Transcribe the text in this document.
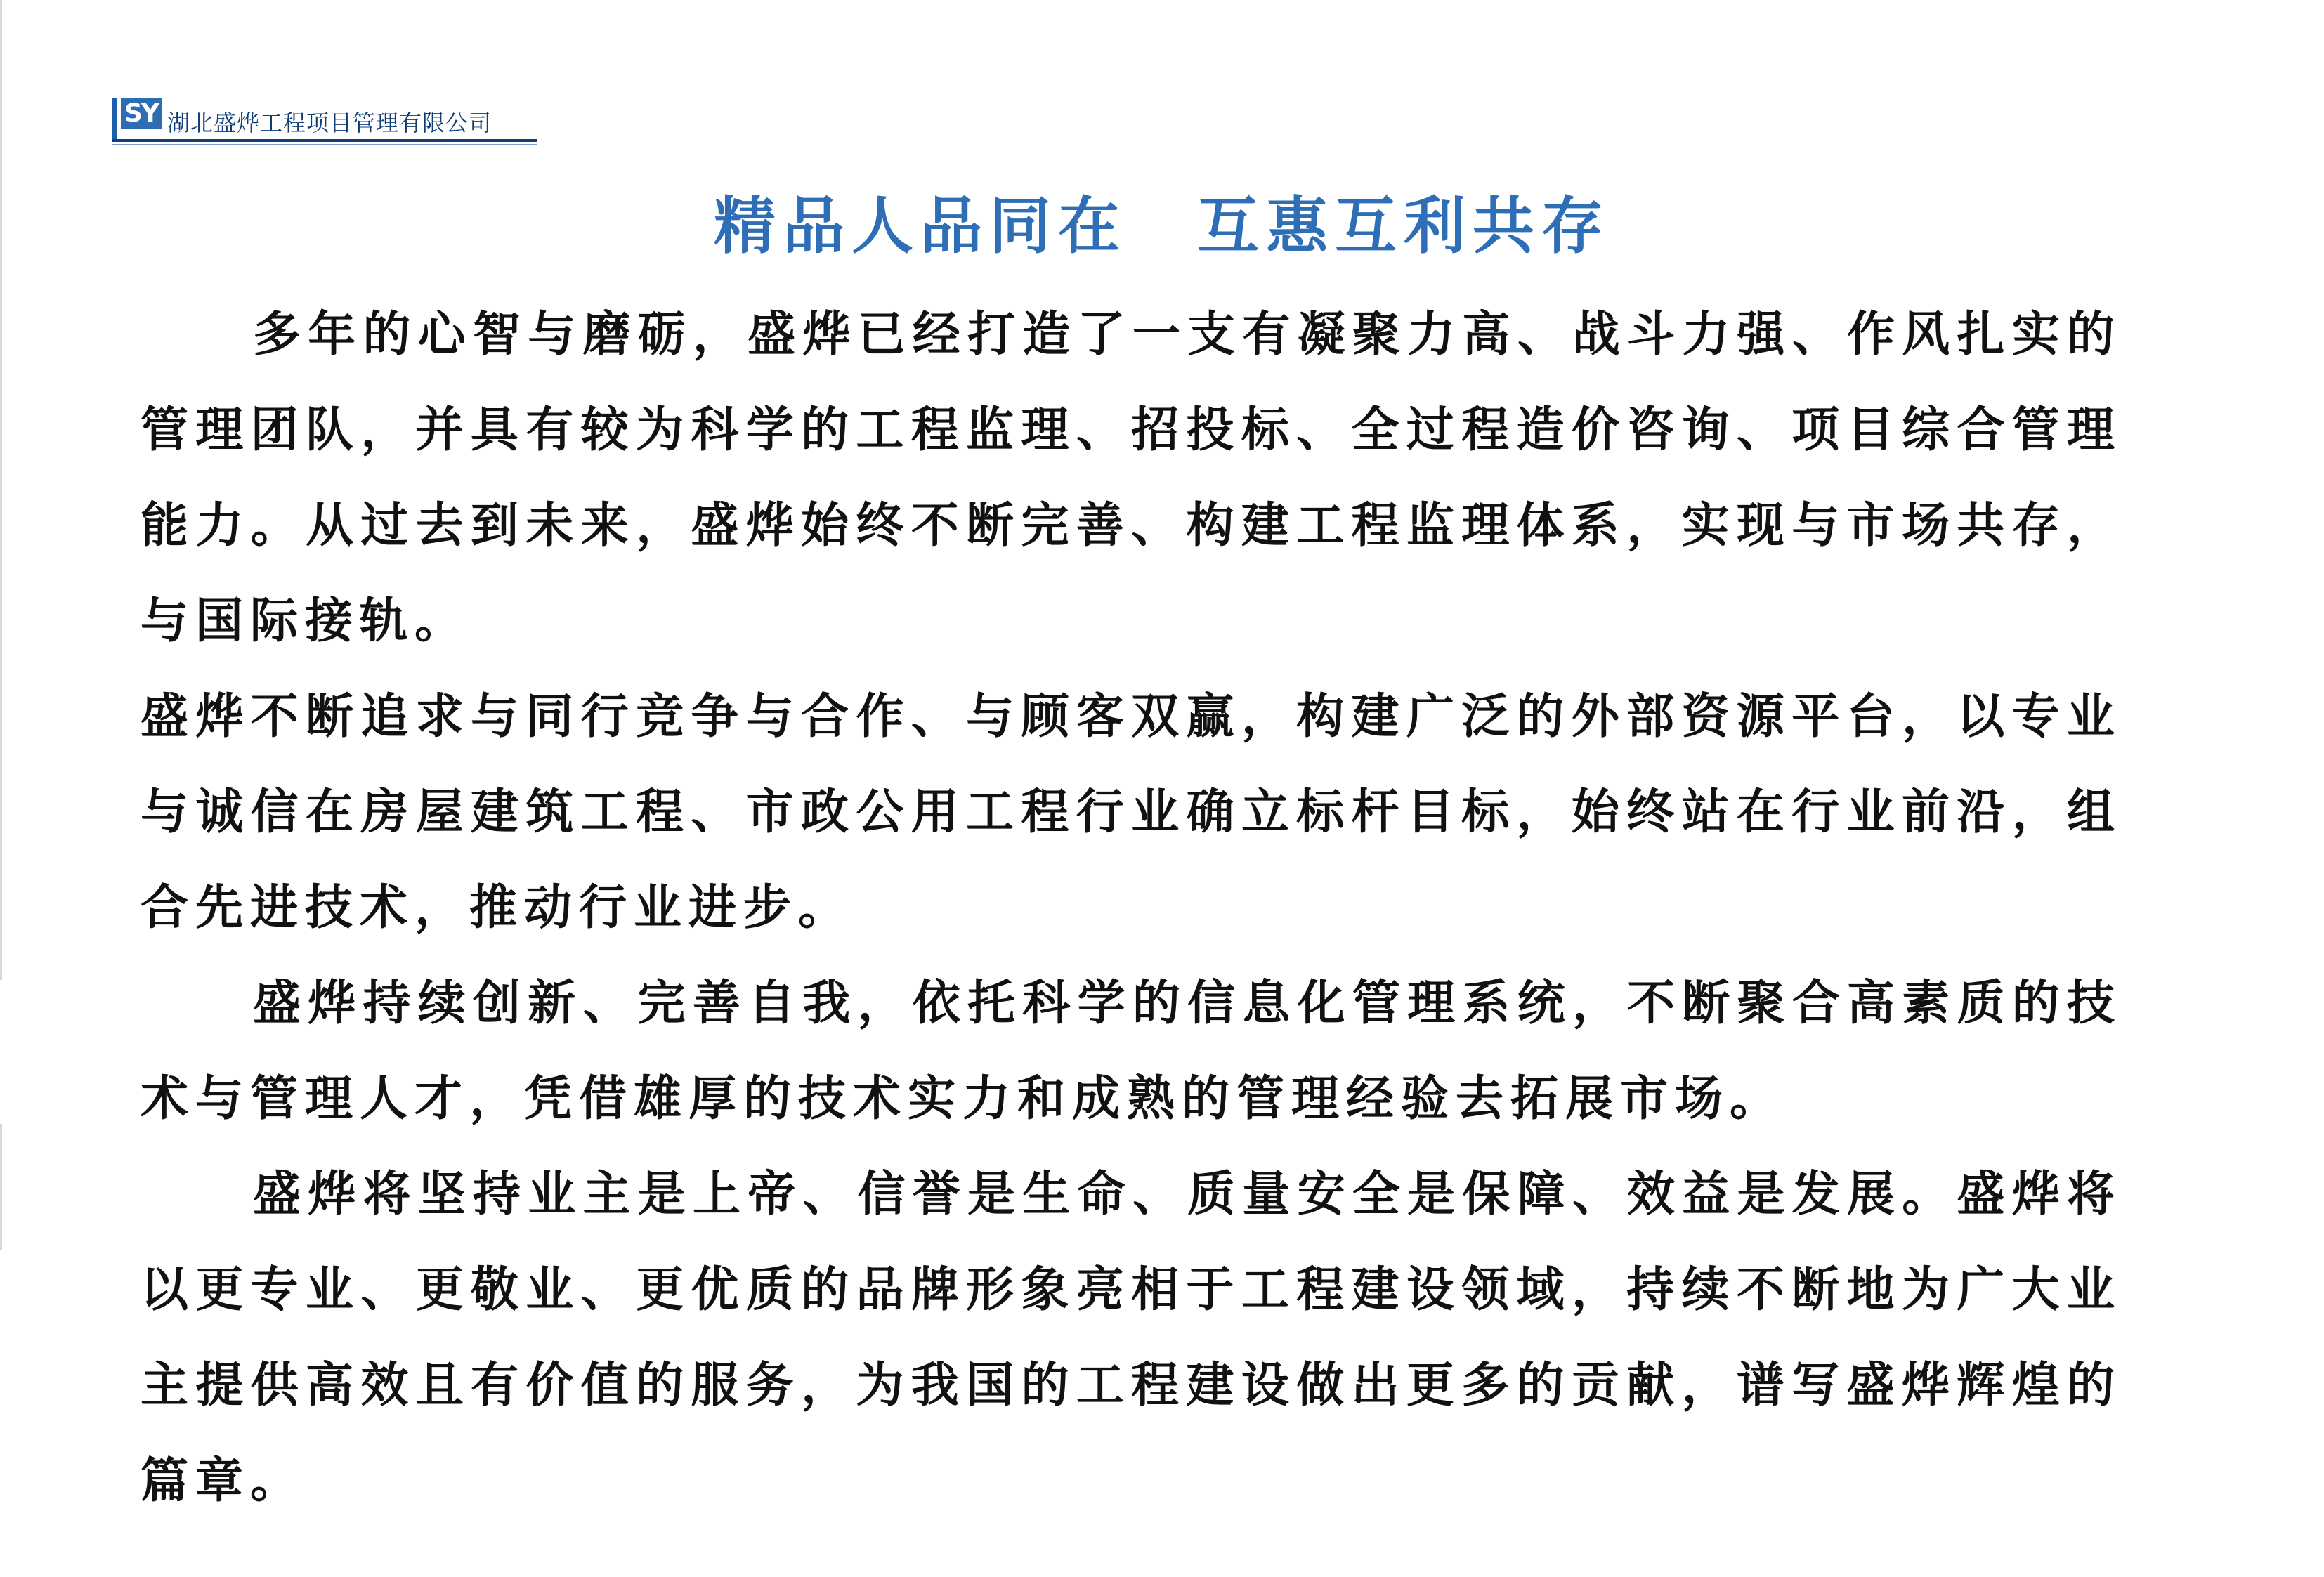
SY 湖北盛烨工程项目管理有限公司
精品人品同在 互惠互利共存

多年的心智与磨砺，盛烨已经打造了一支有凝聚力高、战斗力强、作风扎实的管理团队，并具有较为科学的工程监理、招投标、全过程造价咨询、项目综合管理能力。从过去到未来，盛烨始终不断完善、构建工程监理体系，实现与市场共存，与国际接轨。

盛烨不断追求与同行竞争与合作、与顾客双赢，构建广泛的外部资源平台，以专业与诚信在房屋建筑工程、市政公用工程行业确立标杆目标，始终站在行业前沿，组合先进技术，推动行业进步。

盛烨持续创新、完善自我，依托科学的信息化管理系统，不断聚合高素质的技术与管理人才，凭借雄厚的技术实力和成熟的管理经验去拓展市场。

盛烨将坚持业主是上帝、信誉是生命、质量安全是保障、效益是发展。盛烨将以更专业、更敬业、更优质的品牌形象亮相于工程建设领域，持续不断地为广大业主提供高效且有价值的服务，为我国的工程建设做出更多的贡献，谱写盛烨辉煌的篇章。
